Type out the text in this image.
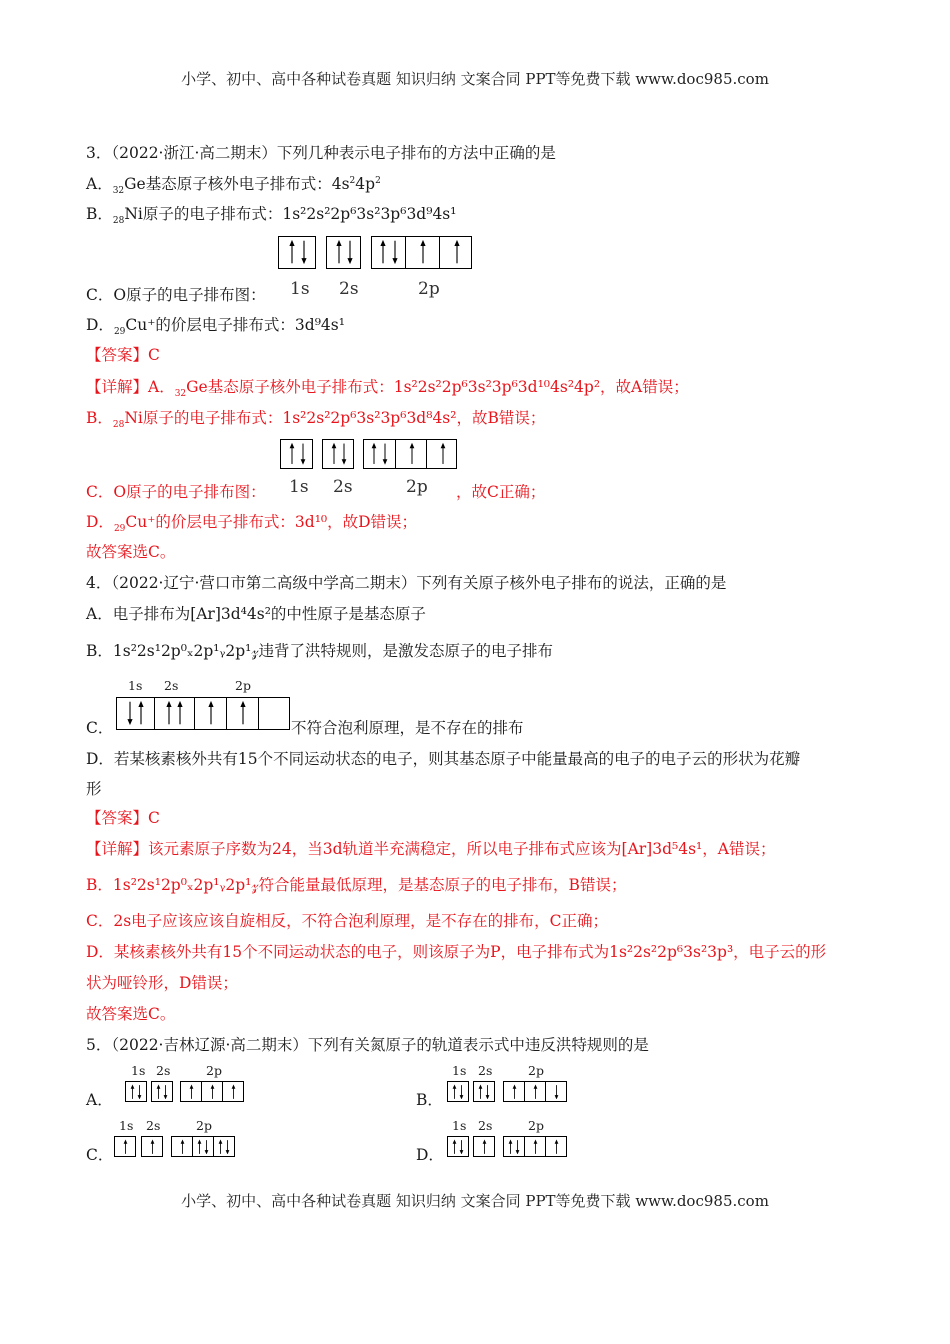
小学、初中、高中各种试卷真题 知识归纳 文案合同 PPT等免费下载 www.doc985.com
小学、初中、高中各种试卷真题 知识归纳 文案合同 PPT等免费下载 www.doc985.com
3．（2022·浙江·高二期末）下列几种表示电子排布的方法中正确的是
A．$_{32}$Ge基态原子核外电子排布式：$4s^24p^2$
B．$_{28}$Ni原子的电子排布式：1s²2s²2p⁶3s²3p⁶3d⁹4s¹
C．O原子的电子排布图： 1s 2s	2p
D．$_{29}$Cu⁺的价层电子排布式：3d⁹4s¹
【答案】C
【详解】A．$_{32}$Ge基态原子核外电子排布式：1s²2s²2p⁶3s²3p⁶3d¹⁰4s²4p²，故A错误；
B．$_{28}$Ni原子的电子排布式：1s²2s²2p⁶3s²3p⁶3d⁸4s²，故B错误；
C．O原子的电子排布图： 1s 2s	2p ，故C正确；
D．$_{29}$Cu⁺的价层电子排布式：3d¹⁰，故D错误；
故答案选C。
4．（2022·辽宁·营口市第二高级中学高二期末）下列有关原子核外电子排布的说法，正确的是
A．电子排布为[Ar]3d⁴4s²的中性原子是基态原子
B．1s²2s¹2p⁰ₓ2p¹ᵧ2p¹𝓏违背了洪特规则，是激发态原子的电子排布
1s 2s	2p
C．	不符合泡利原理，是不存在的排布
D．若某核素核外共有15个不同运动状态的电子，则其基态原子中能量最高的电子的电子云的形状为花瓣
形
【答案】C
【详解】该元素原子序数为24，当3d轨道半充满稳定，所以电子排布式应该为[Ar]3d⁵4s¹，A错误；
B．1s²2s¹2p⁰ₓ2p¹ᵧ2p¹𝓏符合能量最低原理，是基态原子的电子排布，B错误；
C．2s电子应该应该自旋相反，不符合泡利原理，是不存在的排布，C正确；
D．某核素核外共有15个不同运动状态的电子，则该原子为P，电子排布式为1s²2s²2p⁶3s²3p³，电子云的形
状为哑铃形，D错误；
故答案选C。
5．（2022·吉林辽源·高二期末）下列有关氮原子的轨道表示式中违反洪特规则的是
A．
1s 2s	2p
B．
1s 2s	2p
C．
1s 2s	2p
D．
1s 2s	2p
